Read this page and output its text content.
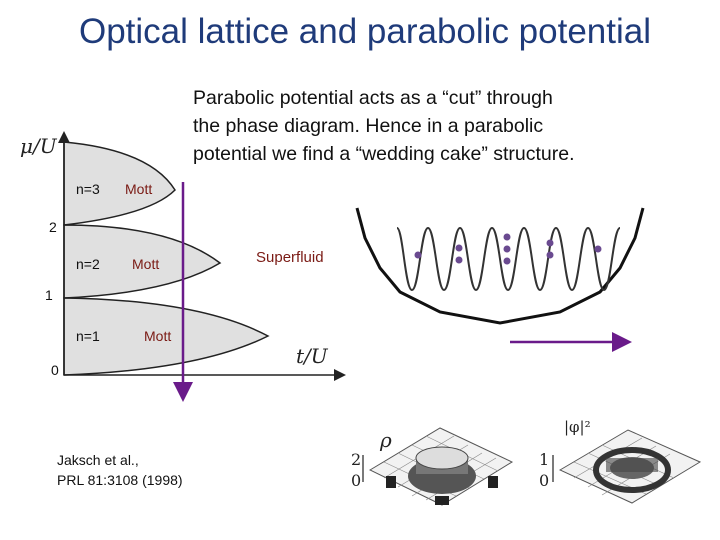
Optical lattice and parabolic potential
Parabolic potential acts as a “cut” through
the phase diagram. Hence in a parabolic
potential we find a “wedding cake” structure.
μ/U
t/U
2
1
0
n=3 Mott
n=2 Mott
n=1	Mott
Superfluid
Jaksch et al.,
PRL 81:3108 (1998)
ρ
2
0
|φ|²
1
0
